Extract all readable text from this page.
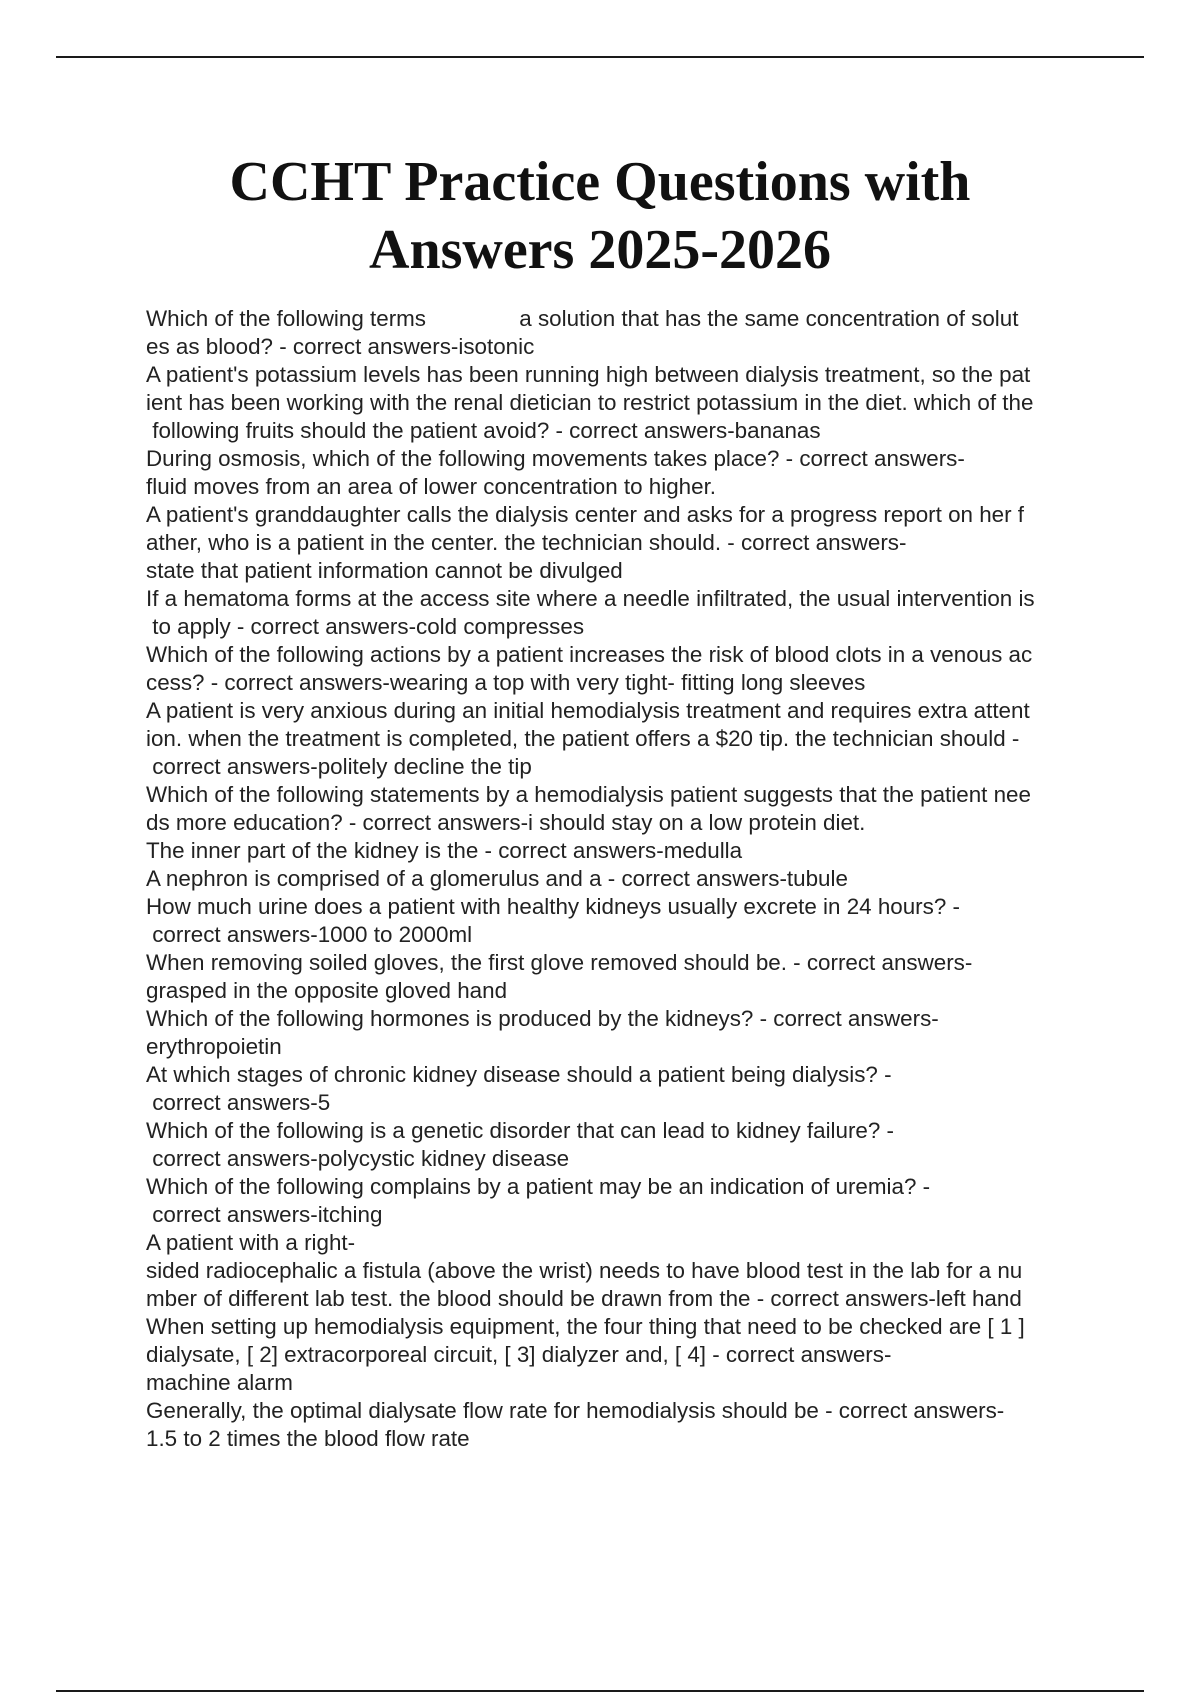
CCHT Practice Questions with
Answers 2025-2026
Which of the following terms               a solution that has the same concentration of solut
es as blood? - correct answers-isotonic
A patient's potassium levels has been running high between dialysis treatment, so the pat
ient has been working with the renal dietician to restrict potassium in the diet. which of the
following fruits should the patient avoid? - correct answers-bananas
During osmosis, which of the following movements takes place? - correct answers-
fluid moves from an area of lower concentration to higher.
A patient's granddaughter calls the dialysis center and asks for a progress report on her f
ather, who is a patient in the center. the technician should. - correct answers-
state that patient information cannot be divulged
If a hematoma forms at the access site where a needle infiltrated, the usual intervention is
to apply - correct answers-cold compresses
Which of the following actions by a patient increases the risk of blood clots in a venous ac
cess? - correct answers-wearing a top with very tight- fitting long sleeves
A patient is very anxious during an initial hemodialysis treatment and requires extra attent
ion. when the treatment is completed, the patient offers a $20 tip. the technician should -
correct answers-politely decline the tip
Which of the following statements by a hemodialysis patient suggests that the patient nee
ds more education? - correct answers-i should stay on a low protein diet.
The inner part of the kidney is the - correct answers-medulla
A nephron is comprised of a glomerulus and a - correct answers-tubule
How much urine does a patient with healthy kidneys usually excrete in 24 hours? -
correct answers-1000 to 2000ml
When removing soiled gloves, the first glove removed should be. - correct answers-
grasped in the opposite gloved hand
Which of the following hormones is produced by the kidneys? - correct answers-
erythropoietin
At which stages of chronic kidney disease should a patient being dialysis? -
correct answers-5
Which of the following is a genetic disorder that can lead to kidney failure? -
correct answers-polycystic kidney disease
Which of the following complains by a patient may be an indication of uremia? -
correct answers-itching
A patient with a right-
sided radiocephalic a fistula (above the wrist) needs to have blood test in the lab for a nu
mber of different lab test. the blood should be drawn from the - correct answers-left hand
When setting up hemodialysis equipment, the four thing that need to be checked are [ 1 ]
dialysate, [ 2] extracorporeal circuit, [ 3] dialyzer and, [ 4] - correct answers-
machine alarm
Generally, the optimal dialysate flow rate for hemodialysis should be - correct answers-
1.5 to 2 times the blood flow rate
